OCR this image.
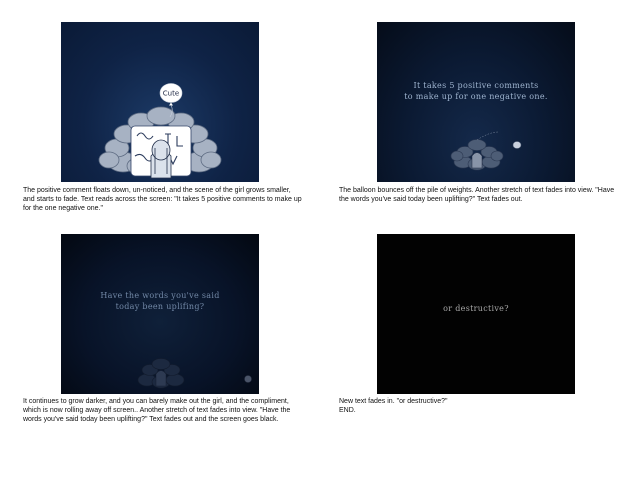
Cute
The positive comment floats down, un-noticed, and the scene of the girl grows smaller,
and starts to fade. Text reads across the screen: "It takes 5 positive comments to make up
for the one negative one."
It takes 5 positive comments
to make up for one negative one.
The balloon bounces off the pile of weights. Another stretch of text fades into view. "Have
the words you've said today been uplifting?" Text fades out.
Have the words you've said
today been uplifing?
It continues to grow darker, and you can barely make out the girl, and the compliment,
which is now rolling away off screen.. Another stretch of text fades into view. "Have the
words you've said today been uplifting?" Text fades out and the screen goes black.
or destructive?
New text fades in. "or destructive?"
END.
